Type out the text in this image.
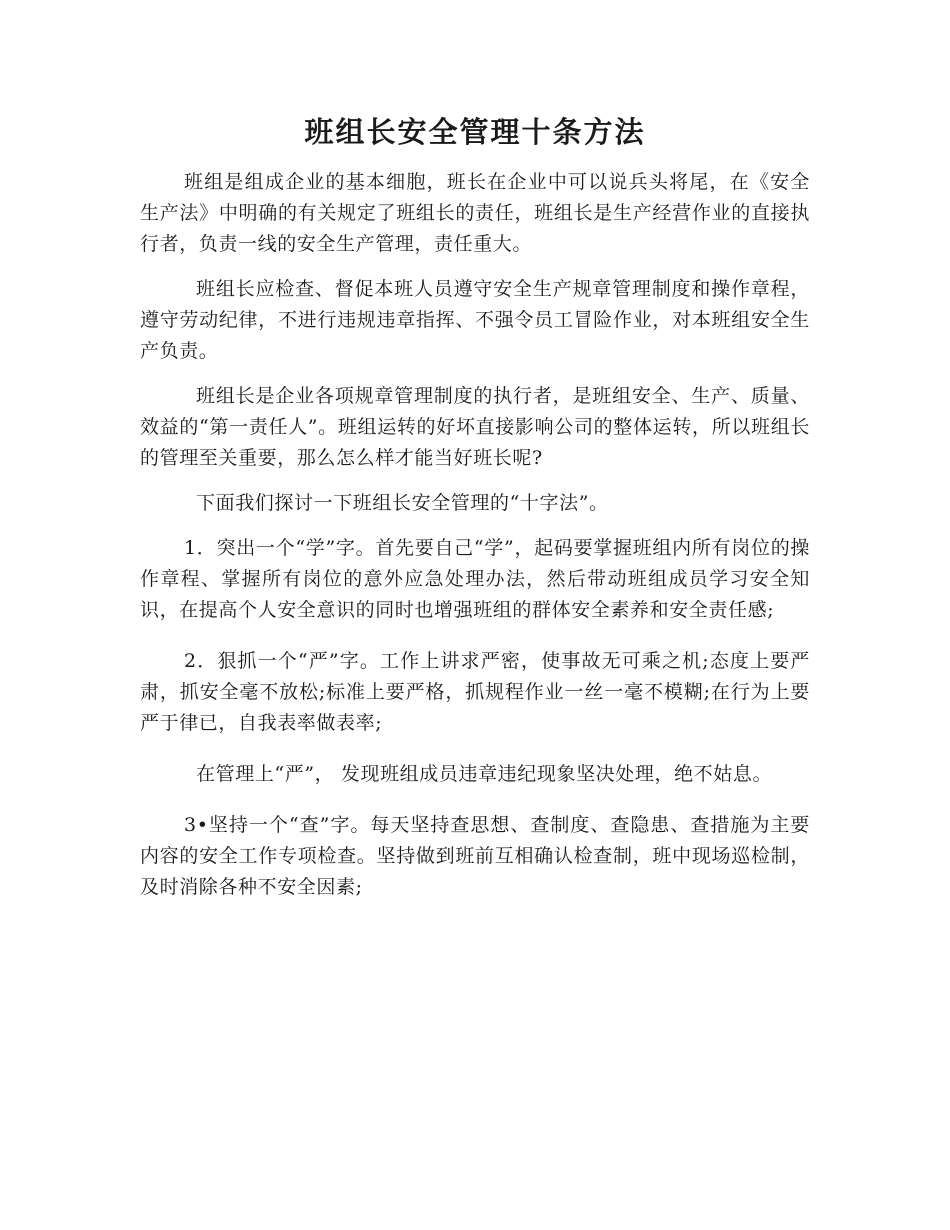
班组长安全管理十条方法

班组是组成企业的基本细胞，班长在企业中可以说兵头将尾，在《安全生产法》中明确的有关规定了班组长的责任，班组长是生产经营作业的直接执行者，负责一线的安全生产管理，责任重大。

班组长应检查、督促本班人员遵守安全生产规章管理制度和操作章程，遵守劳动纪律，不进行违规违章指挥、不强令员工冒险作业，对本班组安全生产负责。

班组长是企业各项规章管理制度的执行者，是班组安全、生产、质量、效益的“第一责任人”。班组运转的好坏直接影响公司的整体运转，所以班组长的管理至关重要，那么怎么样才能当好班长呢?

下面我们探讨一下班组长安全管理的“十字法”。

1．突出一个“学”字。首先要自己“学”，起码要掌握班组内所有岗位的操作章程、掌握所有岗位的意外应急处理办法，然后带动班组成员学习安全知识，在提高个人安全意识的同时也增强班组的群体安全素养和安全责任感;

2．狠抓一个“严”字。工作上讲求严密，使事故无可乘之机;态度上要严肃，抓安全毫不放松;标准上要严格，抓规程作业一丝一毫不模糊;在行为上要严于律已，自我表率做表率;

在管理上“严”， 发现班组成员违章违纪现象坚决处理，绝不姑息。

3•坚持一个“查”字。每天坚持查思想、查制度、查隐患、查措施为主要内容的安全工作专项检查。坚持做到班前互相确认检查制，班中现场巡检制，及时消除各种不安全因素;
